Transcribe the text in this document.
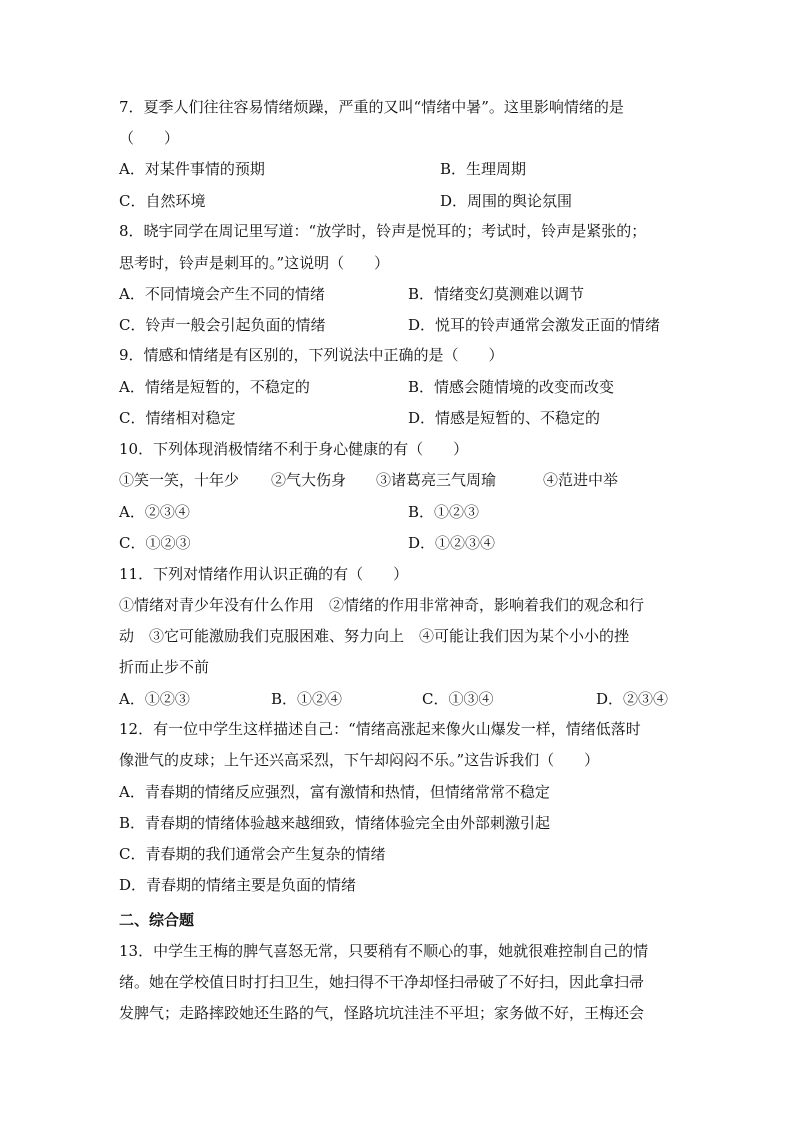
7．夏季人们往往容易情绪烦躁，严重的又叫“情绪中暑”。这里影响情绪的是
（　　）
A．对某件事情的预期	B．生理周期
C．自然环境	D．周围的舆论氛围
8．晓宇同学在周记里写道：“放学时，铃声是悦耳的；考试时，铃声是紧张的；
思考时，铃声是刺耳的。”这说明（　　）
A．不同情境会产生不同的情绪	B．情绪变幻莫测难以调节
C．铃声一般会引起负面的情绪	D．悦耳的铃声通常会激发正面的情绪
9．情感和情绪是有区别的，下列说法中正确的是（　　）
A．情绪是短暂的，不稳定的	B．情感会随情境的改变而改变
C．情绪相对稳定	D．情感是短暂的、不稳定的
10．下列体现消极情绪不利于身心健康的有（　　）
①笑一笑，十年少 ②气大伤身 ③诸葛亮三气周瑜	④范进中举
A．②③④	B．①②③
C．①②③	D．①②③④
11．下列对情绪作用认识正确的有（　　）
①情绪对青少年没有什么作用　②情绪的作用非常神奇，影响着我们的观念和行
动　③它可能激励我们克服困难、努力向上　④可能让我们因为某个小小的挫
折而止步不前
A．①②③	B．①②④	C．①③④	D．②③④
12．有一位中学生这样描述自己：“情绪高涨起来像火山爆发一样，情绪低落时
像泄气的皮球；上午还兴高采烈，下午却闷闷不乐。”这告诉我们（　　）
A．青春期的情绪反应强烈，富有激情和热情，但情绪常常不稳定
B．青春期的情绪体验越来越细致，情绪体验完全由外部刺激引起
C．青春期的我们通常会产生复杂的情绪
D．青春期的情绪主要是负面的情绪
二、综合题
13．中学生王梅的脾气喜怒无常，只要稍有不顺心的事，她就很难控制自己的情
绪。她在学校值日时打扫卫生，她扫得不干净却怪扫帚破了不好扫，因此拿扫帚
发脾气；走路摔跤她还生路的气，怪路坑坑洼洼不平坦；家务做不好，王梅还会
